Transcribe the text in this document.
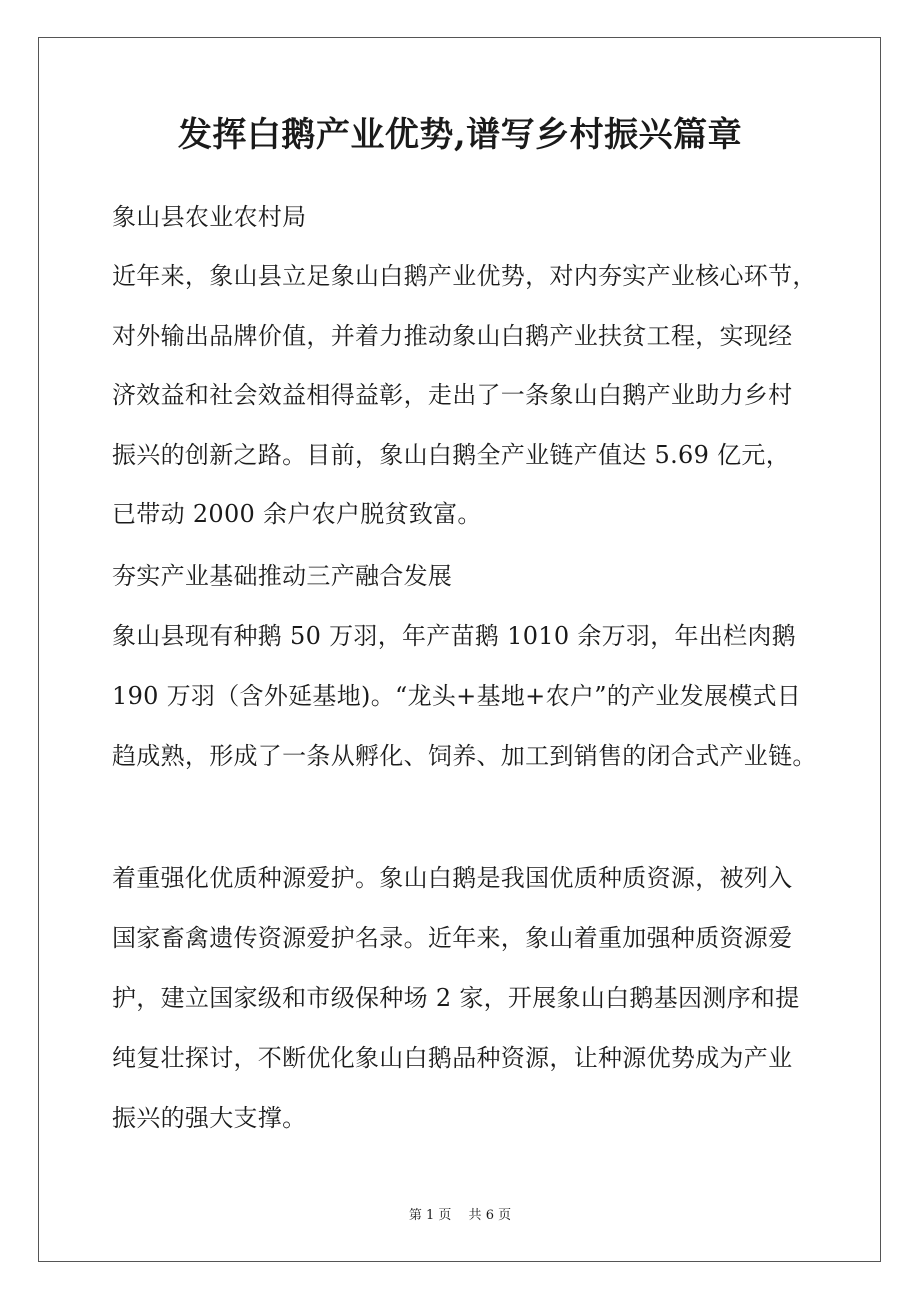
发挥白鹅产业优势,谱写乡村振兴篇章

象山县农业农村局

近年来，象山县立足象山白鹅产业优势，对内夯实产业核心环节，

对外输出品牌价值，并着力推动象山白鹅产业扶贫工程，实现经

济效益和社会效益相得益彰，走出了一条象山白鹅产业助力乡村

振兴的创新之路。目前，象山白鹅全产业链产值达 5.69 亿元，

已带动 2000 余户农户脱贫致富。

夯实产业基础推动三产融合发展

象山县现有种鹅 50 万羽，年产苗鹅 1010 余万羽，年出栏肉鹅

190 万羽（含外延基地)。“龙头+基地+农户”的产业发展模式日

趋成熟，形成了一条从孵化、饲养、加工到销售的闭合式产业链。

着重强化优质种源爱护。象山白鹅是我国优质种质资源，被列入

国家畜禽遗传资源爱护名录。近年来，象山着重加强种质资源爱

护，建立国家级和市级保种场 2 家，开展象山白鹅基因测序和提

纯复壮探讨，不断优化象山白鹅品种资源，让种源优势成为产业

振兴的强大支撑。

第 1 页　 共 6 页
